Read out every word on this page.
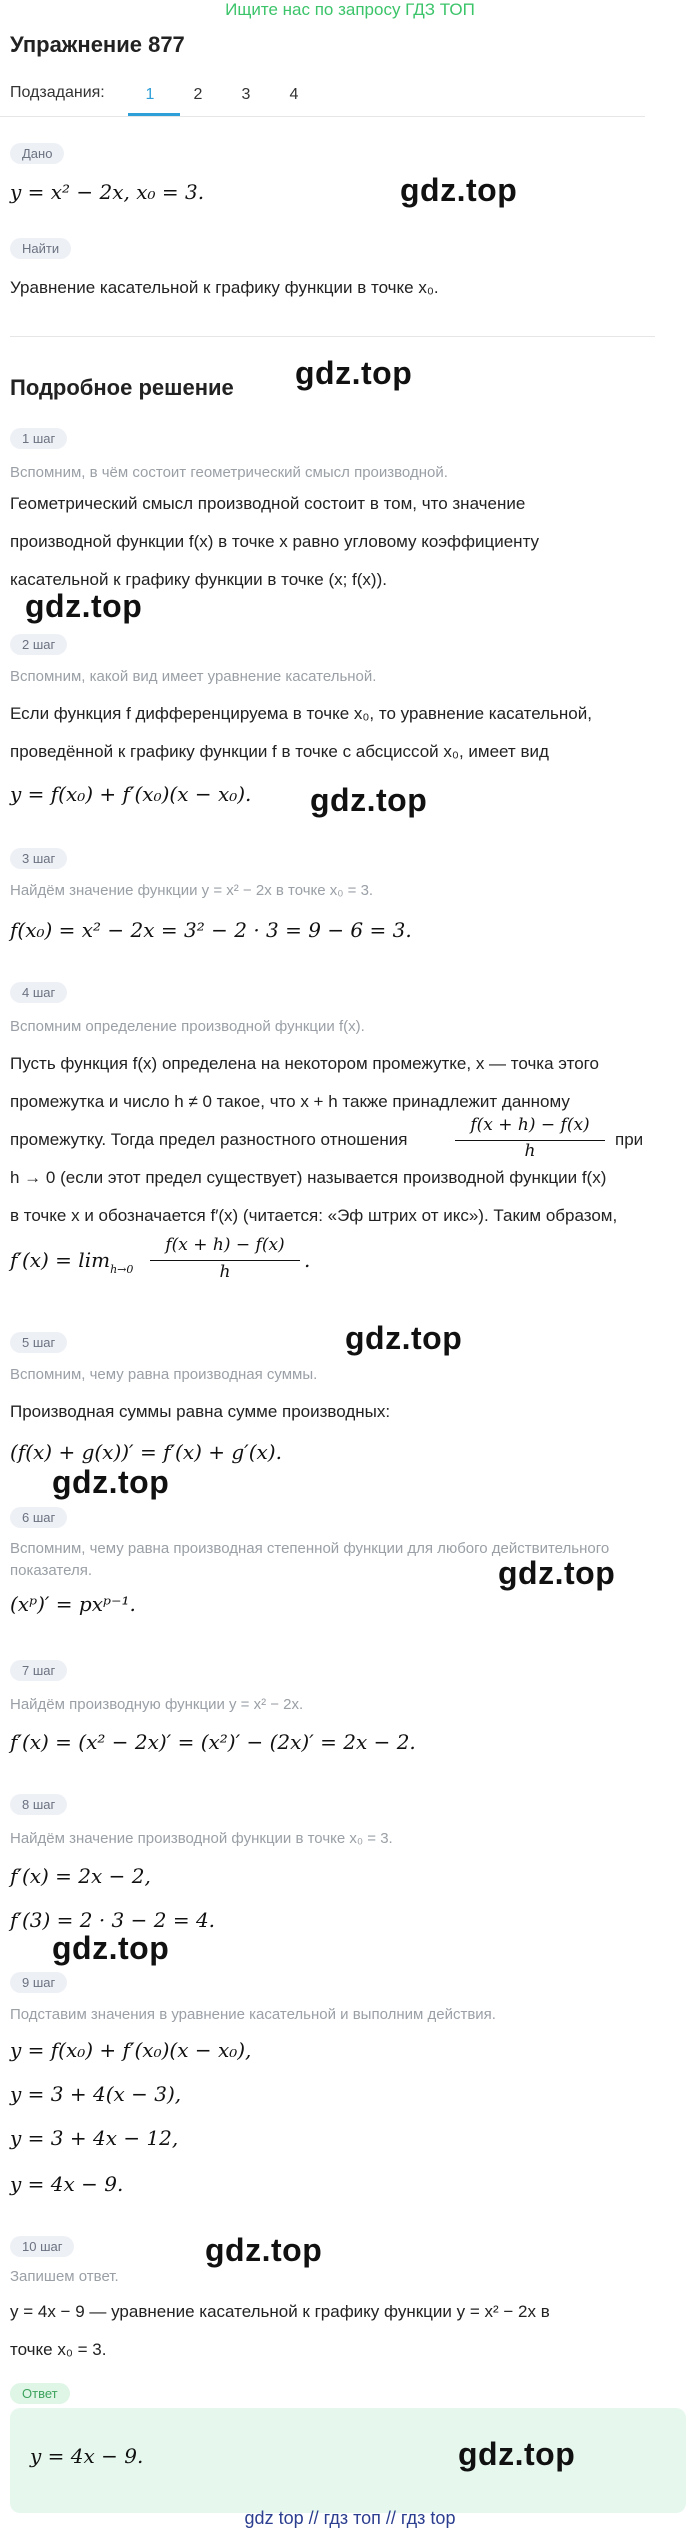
Ищите нас по запросу ГДЗ ТОП
Упражнение 877
Подзадания:	1	2	3	4
Дано
y = x² − 2x, x₀ = 3.	gdz.top
Найти
Уравнение касательной к графику функции в точке x₀.
gdz.top
Подробное решение
1 шаг
Вспомним, в чём состоит геометрический смысл производной.
Геометрический смысл производной состоит в том, что значение
производной функции f(x) в точке x равно угловому коэффициенту
касательной к графику функции в точке (x; f(x)).
gdz.top
2 шаг
Вспомним, какой вид имеет уравнение касательной.
Если функция f дифференцируема в точке x₀, то уравнение касательной,
проведённой к графику функции f в точке с абсциссой x₀, имеет вид
y = f(x₀) + f′(x₀)(x − x₀). gdz.top
3 шаг
Найдём значение функции y = x² − 2x в точке x₀ = 3.
f(x₀) = x² − 2x = 3² − 2 · 3 = 9 − 6 = 3.
4 шаг
Вспомним определение производной функции f(x).
Пусть функция f(x) определена на некотором промежутке, x — точка этого
промежутка и число h ≠ 0 такое, что x + h также принадлежит данному
промежутку. Тогда предел разностного отношения
f(x + h) − f(x)
h
при
h → 0 (если этот предел существует) называется производной функции f(x)
в точке x и обозначается f′(x) (читается: «Эф штрих от икс»). Таким образом,
$f'(x) = \lim_{h\to 0}$
f(x + h) − f(x)
h	.
gdz.top
5 шаг
Вспомним, чему равна производная суммы.
Производная суммы равна сумме производных:
(f(x) + g(x))′ = f′(x) + g′(x).
gdz.top
6 шаг
Вспомним, чему равна производная степенной функции для любого действительного
показателя.	gdz.top
(xᵖ)′ = pxᵖ⁻¹.
7 шаг
Найдём производную функции y = x² − 2x.
f′(x) = (x² − 2x)′ = (x²)′ − (2x)′ = 2x − 2.
8 шаг
Найдём значение производной функции в точке x₀ = 3.
f′(x) = 2x − 2,
f′(3) = 2 · 3 − 2 = 4.
gdz.top
9 шаг
Подставим значения в уравнение касательной и выполним действия.
y = f(x₀) + f′(x₀)(x − x₀),
y = 3 + 4(x − 3),
y = 3 + 4x − 12,
y = 4x − 9.
10 шаг	gdz.top
Запишем ответ.
y = 4x − 9 — уравнение касательной к графику функции y = x² − 2x в
точке x₀ = 3.
Ответ
y = 4x − 9.	gdz.top
gdz top // гдз топ // гдз top
